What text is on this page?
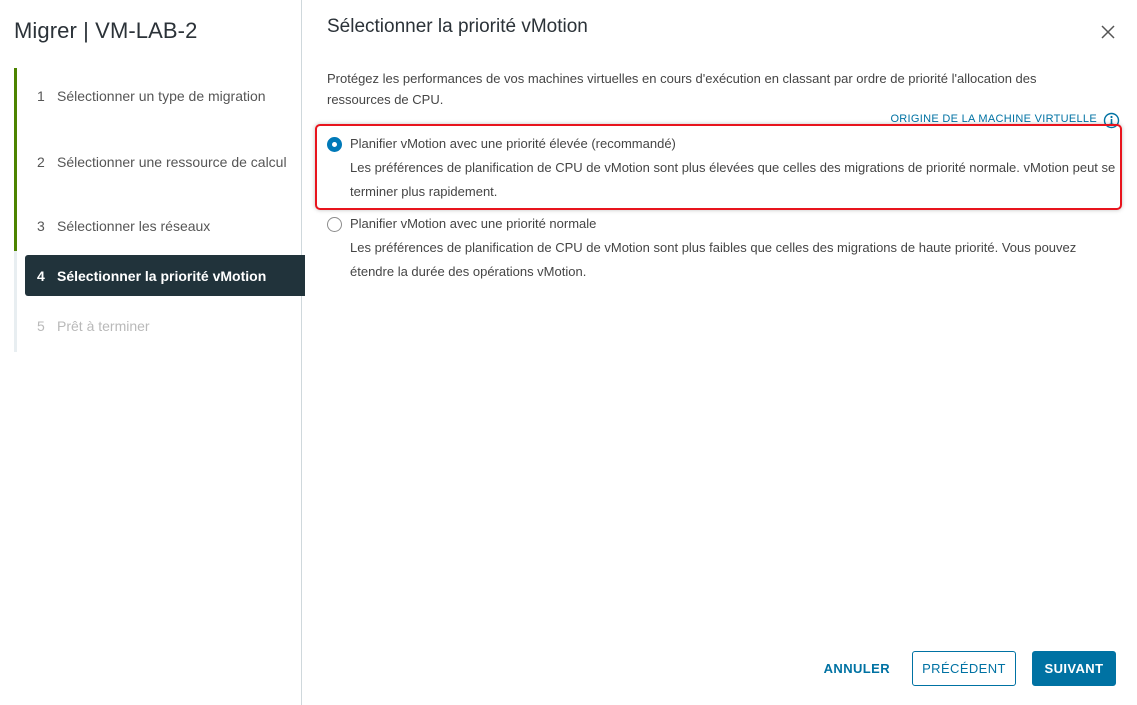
Migrer | VM-LAB-2
1 Sélectionner un type de migration
2 Sélectionner une ressource de calcul
3 Sélectionner les réseaux
4 Sélectionner la priorité vMotion
5 Prêt à terminer
Sélectionner la priorité vMotion
Protégez les performances de vos machines virtuelles en cours d'exécution en classant par ordre de priorité l'allocation des ressources de CPU.
ORIGINE DE LA MACHINE VIRTUELLE
Planifier vMotion avec une priorité élevée (recommandé)
Les préférences de planification de CPU de vMotion sont plus élevées que celles des migrations de priorité normale. vMotion peut se terminer plus rapidement.
Planifier vMotion avec une priorité normale
Les préférences de planification de CPU de vMotion sont plus faibles que celles des migrations de haute priorité. Vous pouvez étendre la durée des opérations vMotion.
ANNULER	PRÉCÉDENT	SUIVANT
